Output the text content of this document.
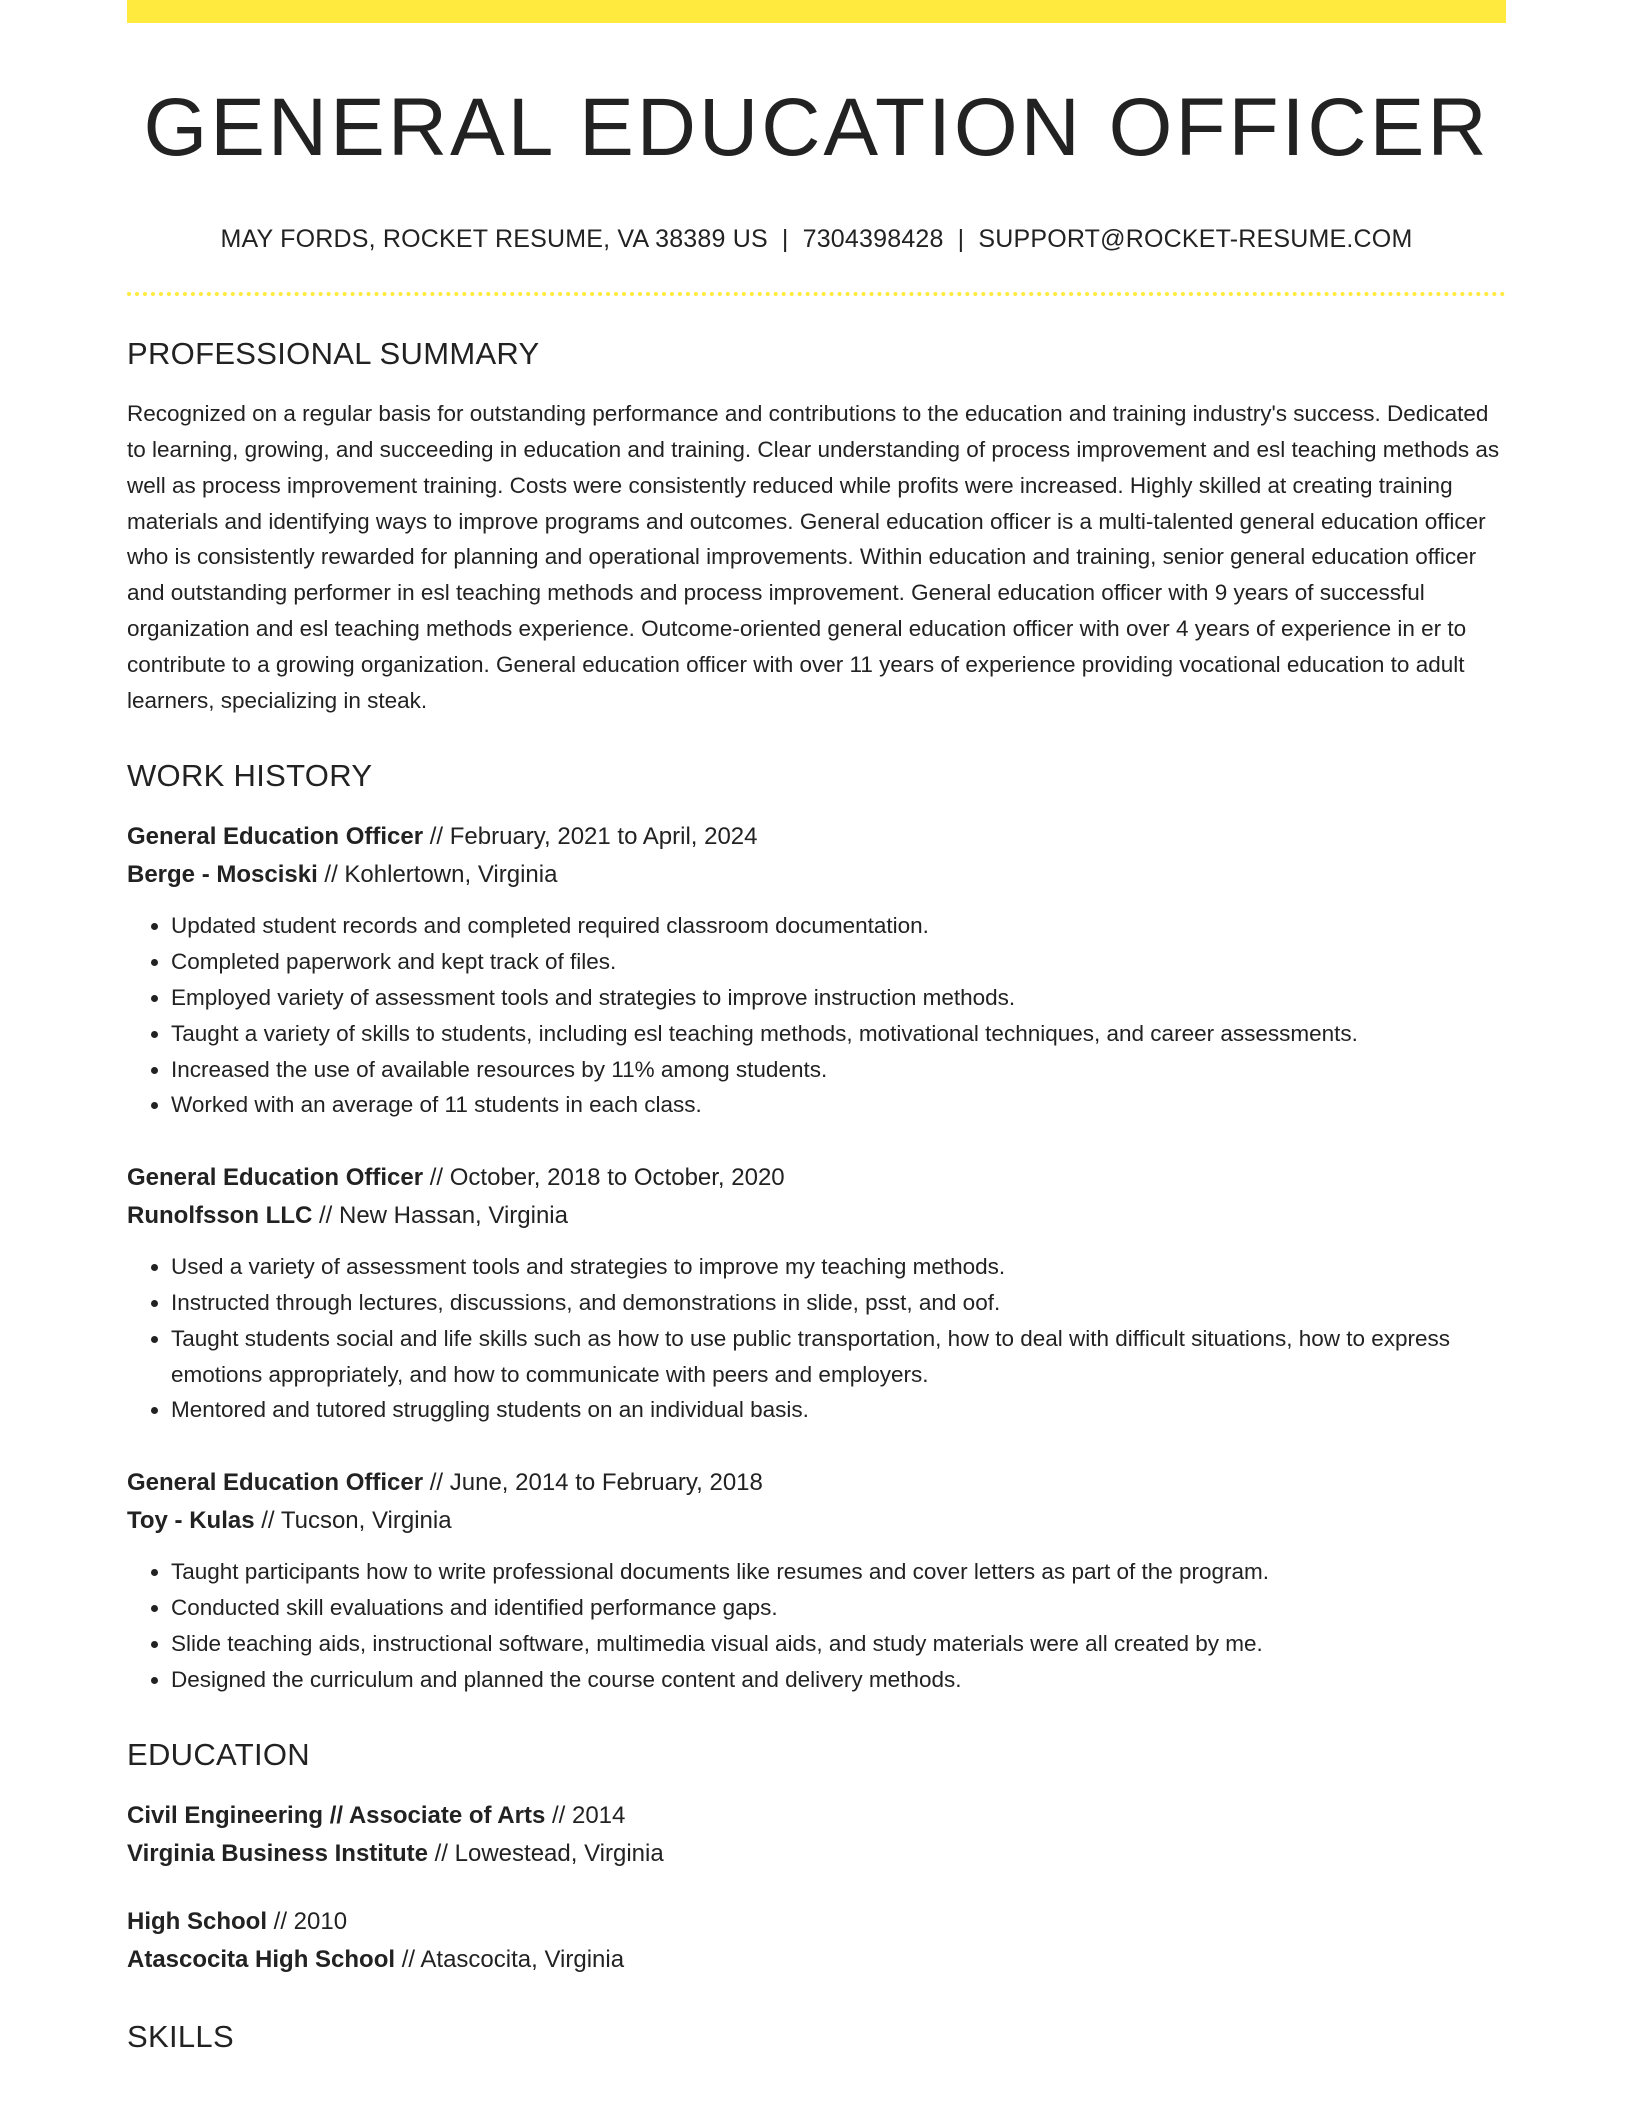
GENERAL EDUCATION OFFICER
MAY FORDS, ROCKET RESUME, VA 38389 US | 7304398428 | SUPPORT@ROCKET-RESUME.COM
PROFESSIONAL SUMMARY
Recognized on a regular basis for outstanding performance and contributions to the education and training industry's success. Dedicated to learning, growing, and succeeding in education and training. Clear understanding of process improvement and esl teaching methods as well as process improvement training. Costs were consistently reduced while profits were increased. Highly skilled at creating training materials and identifying ways to improve programs and outcomes. General education officer is a multi-talented general education officer who is consistently rewarded for planning and operational improvements. Within education and training, senior general education officer and outstanding performer in esl teaching methods and process improvement. General education officer with 9 years of successful organization and esl teaching methods experience. Outcome-oriented general education officer with over 4 years of experience in er to contribute to a growing organization. General education officer with over 11 years of experience providing vocational education to adult learners, specializing in steak.
WORK HISTORY
General Education Officer // February, 2021 to April, 2024
Berge - Mosciski // Kohlertown, Virginia
• Updated student records and completed required classroom documentation.
• Completed paperwork and kept track of files.
• Employed variety of assessment tools and strategies to improve instruction methods.
• Taught a variety of skills to students, including esl teaching methods, motivational techniques, and career assessments.
• Increased the use of available resources by 11% among students.
• Worked with an average of 11 students in each class.
General Education Officer // October, 2018 to October, 2020
Runolfsson LLC // New Hassan, Virginia
• Used a variety of assessment tools and strategies to improve my teaching methods.
• Instructed through lectures, discussions, and demonstrations in slide, psst, and oof.
• Taught students social and life skills such as how to use public transportation, how to deal with difficult situations, how to express emotions appropriately, and how to communicate with peers and employers.
• Mentored and tutored struggling students on an individual basis.
General Education Officer // June, 2014 to February, 2018
Toy - Kulas // Tucson, Virginia
• Taught participants how to write professional documents like resumes and cover letters as part of the program.
• Conducted skill evaluations and identified performance gaps.
• Slide teaching aids, instructional software, multimedia visual aids, and study materials were all created by me.
• Designed the curriculum and planned the course content and delivery methods.
EDUCATION
Civil Engineering // Associate of Arts // 2014
Virginia Business Institute // Lowestead, Virginia
High School // 2010
Atascocita High School // Atascocita, Virginia
SKILLS
